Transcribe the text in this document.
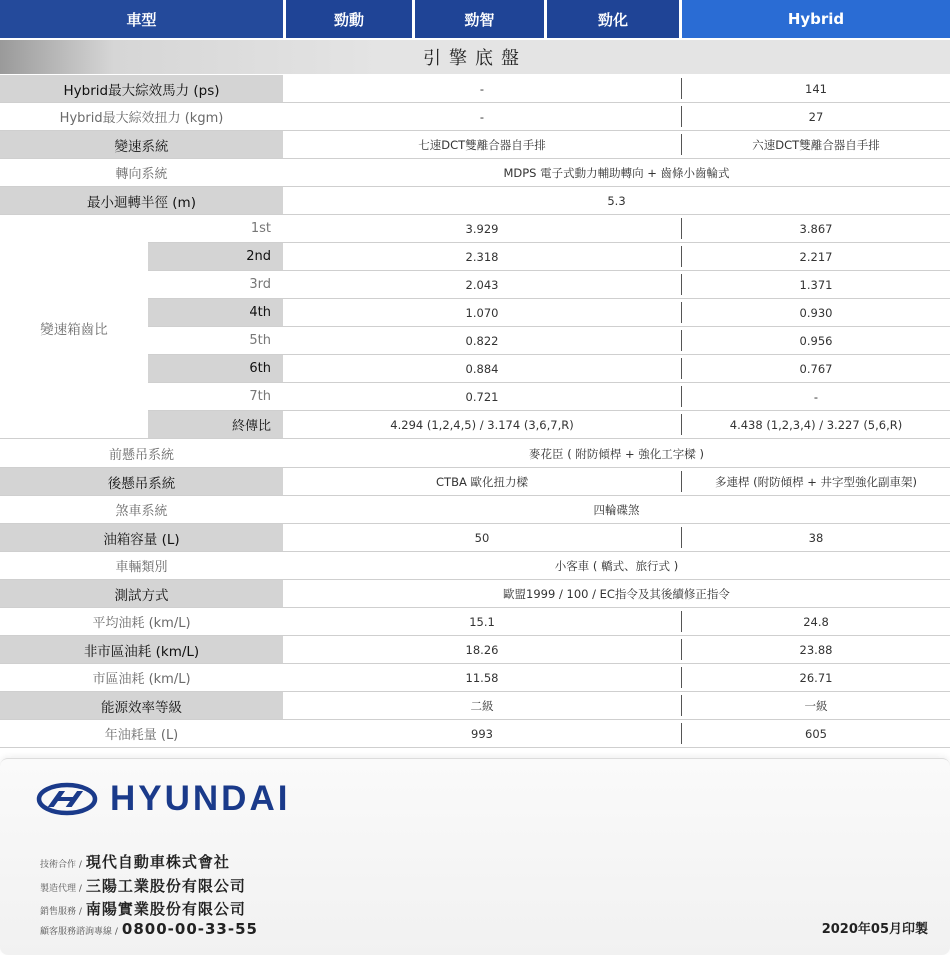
車型	勁動	勁智	勁化	Hybrid
引擎底盤
Hybrid最大綜效馬力 (ps)	-	141
Hybrid最大綜效扭力 (kgm)	-	27
變速系統	七速DCT雙離合器自手排	六速DCT雙離合器自手排
轉向系統	MDPS 電子式動力輔助轉向 + 齒條小齒輪式
最小迴轉半徑 (m)	5.3
變速箱齒比
1st	3.929	3.867
2nd	2.318	2.217
3rd	2.043	1.371
4th	1.070	0.930
5th	0.822	0.956
6th	0.884	0.767
7th	0.721	-
終傳比	4.294 (1,2,4,5) / 3.174 (3,6,7,R)	4.438 (1,2,3,4) / 3.227 (5,6,R)
前懸吊系統	麥花臣 ( 附防傾桿 + 強化工字樑 )
後懸吊系統	CTBA 歐化扭力樑	多連桿 (附防傾桿 + 井字型強化副車架)
煞車系統	四輪碟煞
油箱容量 (L)	50	38
車輛類別	小客車 ( 轎式、旅行式 )
測試方式	歐盟1999 / 100 / EC指令及其後續修正指令
平均油耗 (km/L)	15.1	24.8
非市區油耗 (km/L)	18.26	23.88
市區油耗 (km/L)	11.58	26.71
能源效率等級	二級	一級
年油耗量 (L)	993	605
HYUNDAI
技術合作 / 現代自動車株式會社
製造代理 / 三陽工業股份有限公司
銷售服務 / 南陽實業股份有限公司
顧客服務諮詢專線 / 0800-00-33-55	2020年05月印製
